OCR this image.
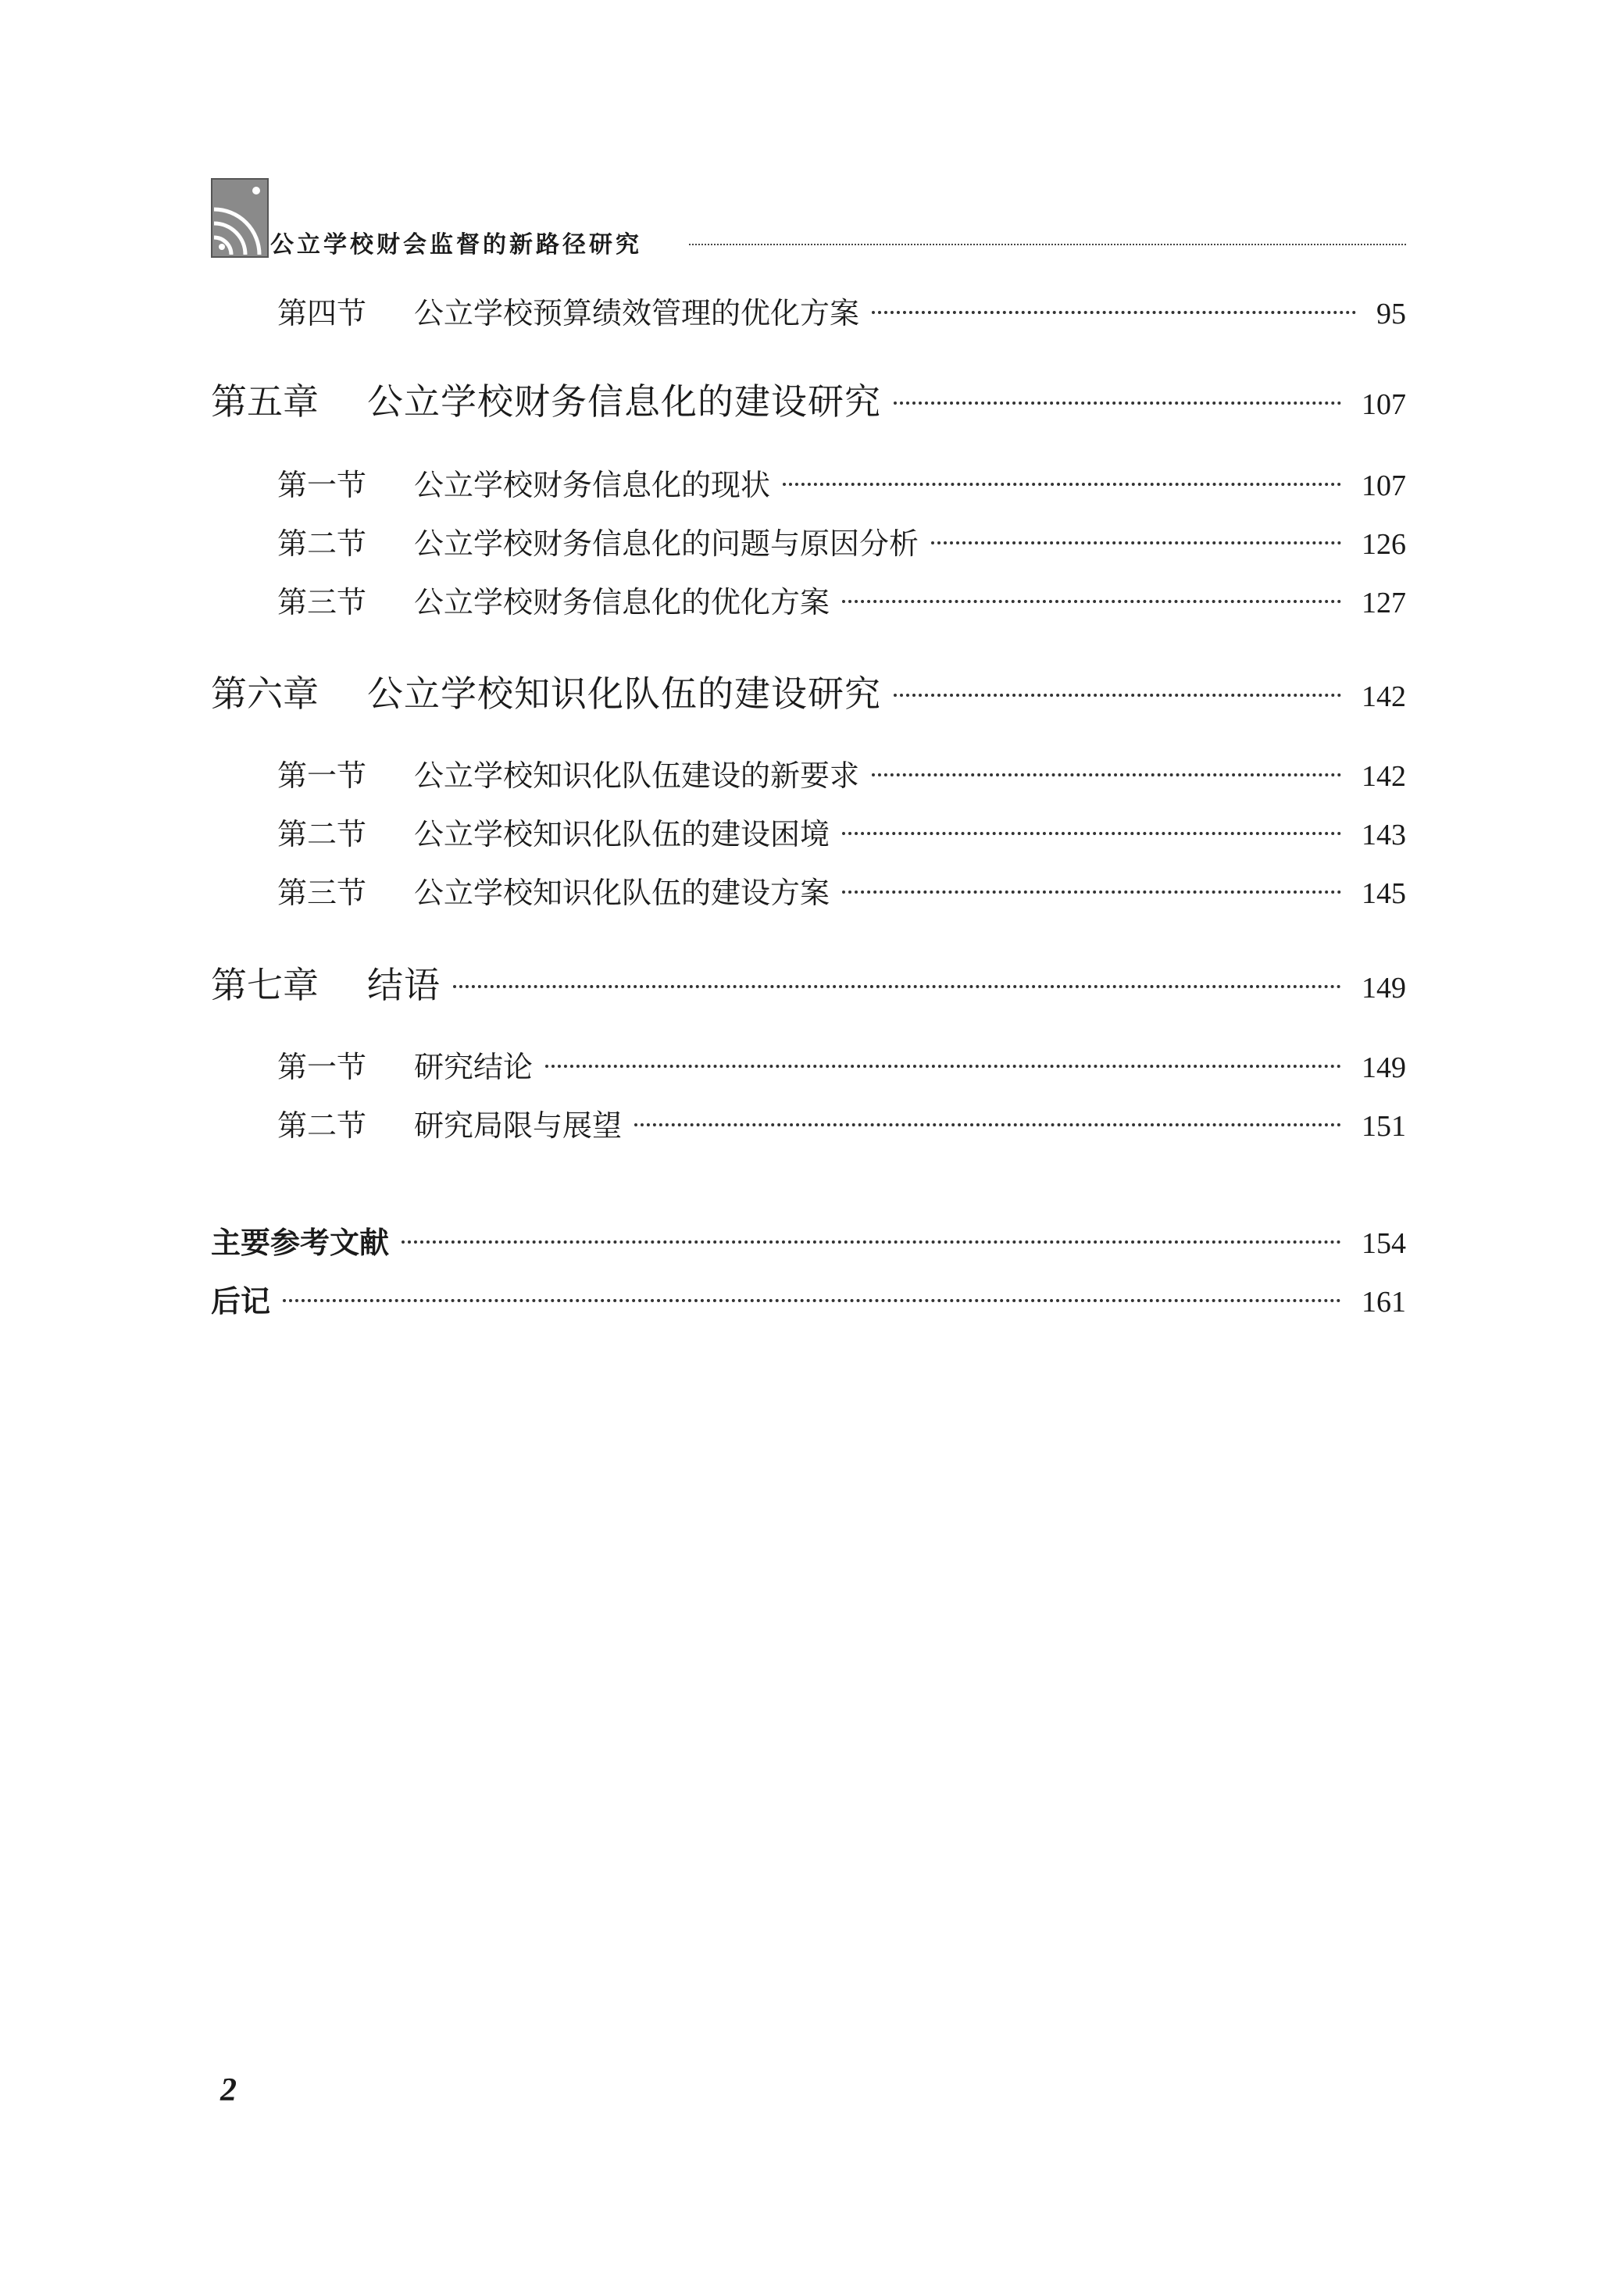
公立学校财会监督的新路径研究
第四节	公立学校预算绩效管理的优化方案	95
第五章	公立学校财务信息化的建设研究	107
第一节	公立学校财务信息化的现状	107
第二节	公立学校财务信息化的问题与原因分析	126
第三节	公立学校财务信息化的优化方案	127
第六章	公立学校知识化队伍的建设研究	142
第一节	公立学校知识化队伍建设的新要求	142
第二节	公立学校知识化队伍的建设困境	143
第三节	公立学校知识化队伍的建设方案	145
第七章	结语	149
第一节	研究结论	149
第二节	研究局限与展望	151
主要参考文献	154
后记	161
2
